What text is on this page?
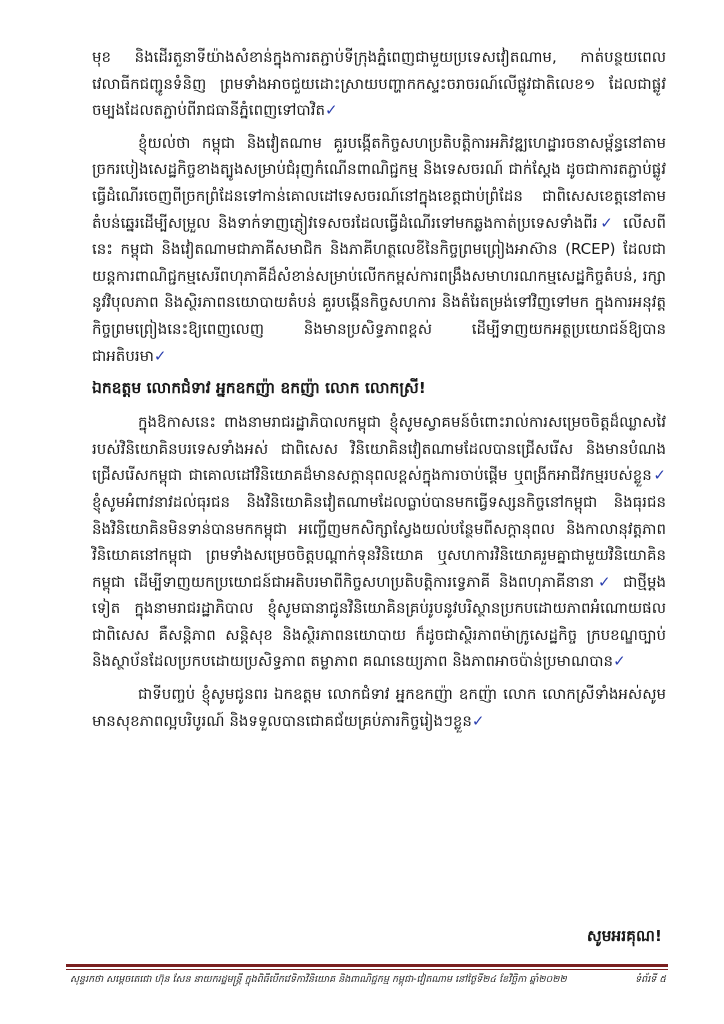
មុខ និងដើរតួនាទីយ៉ាងសំខាន់ក្នុងការតភ្ជាប់ទីក្រុងភ្នំពេញជាមួយប្រទេសវៀតណាម, កាត់បន្ថយពេលវេលាធីកជញ្ជូនទំនិញ ព្រមទាំងអាចជួយដោះស្រាយបញ្ហាកកស្ទះចរាចរណ៍លើផ្លូវជាតិលេខ១ ដែលជាផ្លូវចម្បងដែលតភ្ជាប់ពីរាជធានីភ្នំពេញទៅបាវិត✓

ខ្ញុំយល់ថា កម្ពុជា និងវៀតណាម គួរបង្កើតកិច្ចសហប្រតិបត្តិការអភិវឌ្ឍហេដ្ឋារចនាសម្ព័ន្ធនៅតាមច្រករបៀងសេដ្ឋកិច្ចខាងត្បូងសម្រាប់ជំរុញកំណើនពាណិជ្ជកម្ម និងទេសចរណ៍ ជាក់ស្តែង ដូចជាការតភ្ជាប់ផ្លូវធ្វើដំណើរចេញពីច្រកព្រំដែនទៅកាន់គោលដៅទេសចរណ៍នៅក្នុងខេត្តជាប់ព្រំដែន ជាពិសេសខេត្តនៅតាមតំបន់ឆ្នេរដើម្បីសម្រួល និងទាក់ទាញភ្ញៀវទេសចរដែលធ្វើដំណើរទៅមកឆ្លងកាត់ប្រទេសទាំងពីរ✓ លើសពីនេះ កម្ពុជា និងវៀតណាមជាភាគីសមាជិក និងភាគីហត្ថលេខីនៃកិច្ចព្រមព្រៀងអាស៊ាន (RCEP) ដែលជាយន្តការពាណិជ្ជកម្មសេរីពហុភាគីដ៏សំខាន់សម្រាប់លើកកម្ពស់ការពង្រឹងសមាហរណកម្មសេដ្ឋកិច្ចតំបន់, រក្សានូវវិបុលភាព និងស្ថិរភាពនយោបាយតំបន់ គួរបង្កើនកិច្ចសហការ និងតំរែតម្រង់ទៅវិញទៅមក ក្នុងការអនុវត្តកិច្ចព្រមព្រៀងនេះឱ្យពេញលេញ និងមានប្រសិទ្ធភាពខ្ពស់ ដើម្បីទាញយកអត្ថប្រយោជន៍ឱ្យបានជាអតិបរមា✓

ឯកឧត្តម លោកជំទាវ អ្នកឧកញ៉ា ឧកញ៉ា លោក លោកស្រី!

ក្នុងឱកាសនេះ ពាងនាមរាជរដ្ឋាភិបាលកម្ពុជា ខ្ញុំសូមស្វាគមន៍ចំពោះរាល់ការសម្រេចចិត្តដ៏ឈ្លាសវៃរបស់វិនិយោគិនបរទេសទាំងអស់ ជាពិសេស វិនិយោគិនវៀតណាមដែលបានជ្រើសរើស និងមានបំណងជ្រើសរើសកម្ពុជា ជាគោលដៅវិនិយោគដ៏មានសក្តានុពលខ្ពស់ក្នុងការចាប់ផ្តើម ឬពង្រីកអាជីវកម្មរបស់ខ្លួន✓ ខ្ញុំសូមអំពាវនាវដល់ធុរជន និងវិនិយោគិនវៀតណាមដែលធ្លាប់បានមកធ្វើទស្សនកិច្ចនៅកម្ពុជា និងធុរជន និងវិនិយោគិនមិនទាន់បានមកកម្ពុជា អញ្ជើញមកសិក្សាស្វែងយល់បន្ថែមពីសក្តានុពល និងកាលានុវត្តភាពវិនិយោគនៅកម្ពុជា ព្រមទាំងសម្រេចចិត្តបណ្តាក់ទុនវិនិយោគ ឬសហការវិនិយោគរួមគ្នាជាមួយវិនិយោគិនកម្ពុជា ដើម្បីទាញយកប្រយោជន៍ជាអតិបរមាពីកិច្ចសហប្រតិបត្តិការទ្វេភាគី និងពហុភាគីនានា✓ ជាថ្មីម្តងទៀត ក្នុងនាមរាជរដ្ឋាភិបាល ខ្ញុំសូមធានាជូនវិនិយោគិនគ្រប់រូបនូវបរិស្ថានប្រកបដោយភាពអំណោយផល ជាពិសេស គឺសន្តិភាព សន្តិសុខ និងស្ថិរភាពនយោបាយ ក៏ដូចជាស្ថិរភាពម៉ាក្រូសេដ្ឋកិច្ច ក្របខណ្ឌច្បាប់ និងស្ថាប័នដែលប្រកបដោយប្រសិទ្ធភាព តម្លាភាព គណនេយ្យភាព និងភាពអាចប៉ាន់ប្រមាណបាន✓

ជាទីបញ្ចប់ ខ្ញុំសូមជូនពរ ឯកឧត្តម លោកជំទាវ អ្នកឧកញ៉ា ឧកញ៉ា លោក លោកស្រីទាំងអស់សូមមានសុខភាពល្អបរិបូរណ៍ និងទទួលបានជោគជ័យគ្រប់ភារកិច្ចរៀងៗខ្លួន✓

សូមអរគុណ!
សុន្ទរកថា សម្តេចតេជោ ហ៊ុន សែន នាយករដ្ឋមន្ត្រី ក្នុងពិធីបើកវេទិកាវិនិយោគ និងពាណិជ្ជកម្ម កម្ពុជា-វៀតណាម នៅថ្ងៃទី២៤ ខែវិច្ឆិកា ឆ្នាំ២០២២	ទំព័រទី ៥
